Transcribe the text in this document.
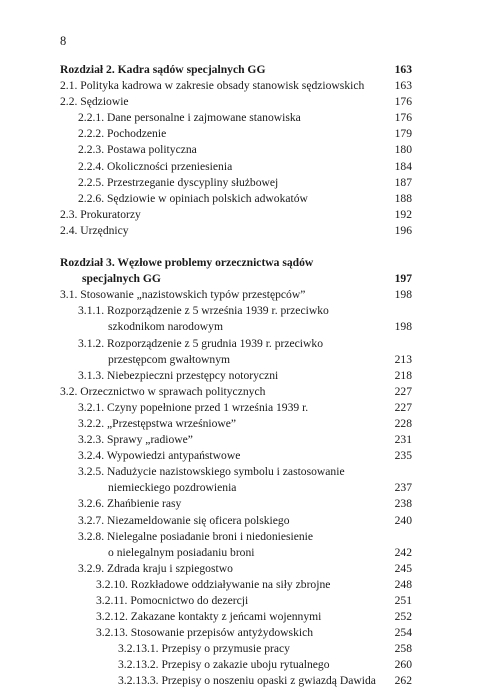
8
Rozdział 2. Kadra sądów specjalnych GG	163
2.1. Polityka kadrowa w zakresie obsady stanowisk sędziowskich	163
2.2. Sędziowie	176
2.2.1. Dane personalne i zajmowane stanowiska	176
2.2.2. Pochodzenie	179
2.2.3. Postawa polityczna	180
2.2.4. Okoliczności przeniesienia	184
2.2.5. Przestrzeganie dyscypliny służbowej	187
2.2.6. Sędziowie w opiniach polskich adwokatów	188
2.3. Prokuratorzy	192
2.4. Urzędnicy	196
Rozdział 3. Węzłowe problemy orzecznictwa sądów
specjalnych GG	197
3.1. Stosowanie „nazistowskich typów przestępców”	198
3.1.1. Rozporządzenie z 5 września 1939 r. przeciwko
szkodnikom narodowym	198
3.1.2. Rozporządzenie z 5 grudnia 1939 r. przeciwko
przestępcom gwałtownym	213
3.1.3. Niebezpieczni przestępcy notoryczni	218
3.2. Orzecznictwo w sprawach politycznych	227
3.2.1. Czyny popełnione przed 1 września 1939 r.	227
3.2.2. „Przestępstwa wrześniowe”	228
3.2.3. Sprawy „radiowe”	231
3.2.4. Wypowiedzi antypaństwowe	235
3.2.5. Nadużycie nazistowskiego symbolu i zastosowanie
niemieckiego pozdrowienia	237
3.2.6. Zhańbienie rasy	238
3.2.7. Niezameldowanie się oficera polskiego	240
3.2.8. Nielegalne posiadanie broni i niedoniesienie
o nielegalnym posiadaniu broni	242
3.2.9. Zdrada kraju i szpiegostwo	245
3.2.10. Rozkładowe oddziaływanie na siły zbrojne	248
3.2.11. Pomocnictwo do dezercji	251
3.2.12. Zakazane kontakty z jeńcami wojennymi	252
3.2.13. Stosowanie przepisów antyżydowskich	254
3.2.13.1. Przepisy o przymusie pracy	258
3.2.13.2. Przepisy o zakazie uboju rytualnego	260
3.2.13.3. Przepisy o noszeniu opaski z gwiazdą Dawida	262
